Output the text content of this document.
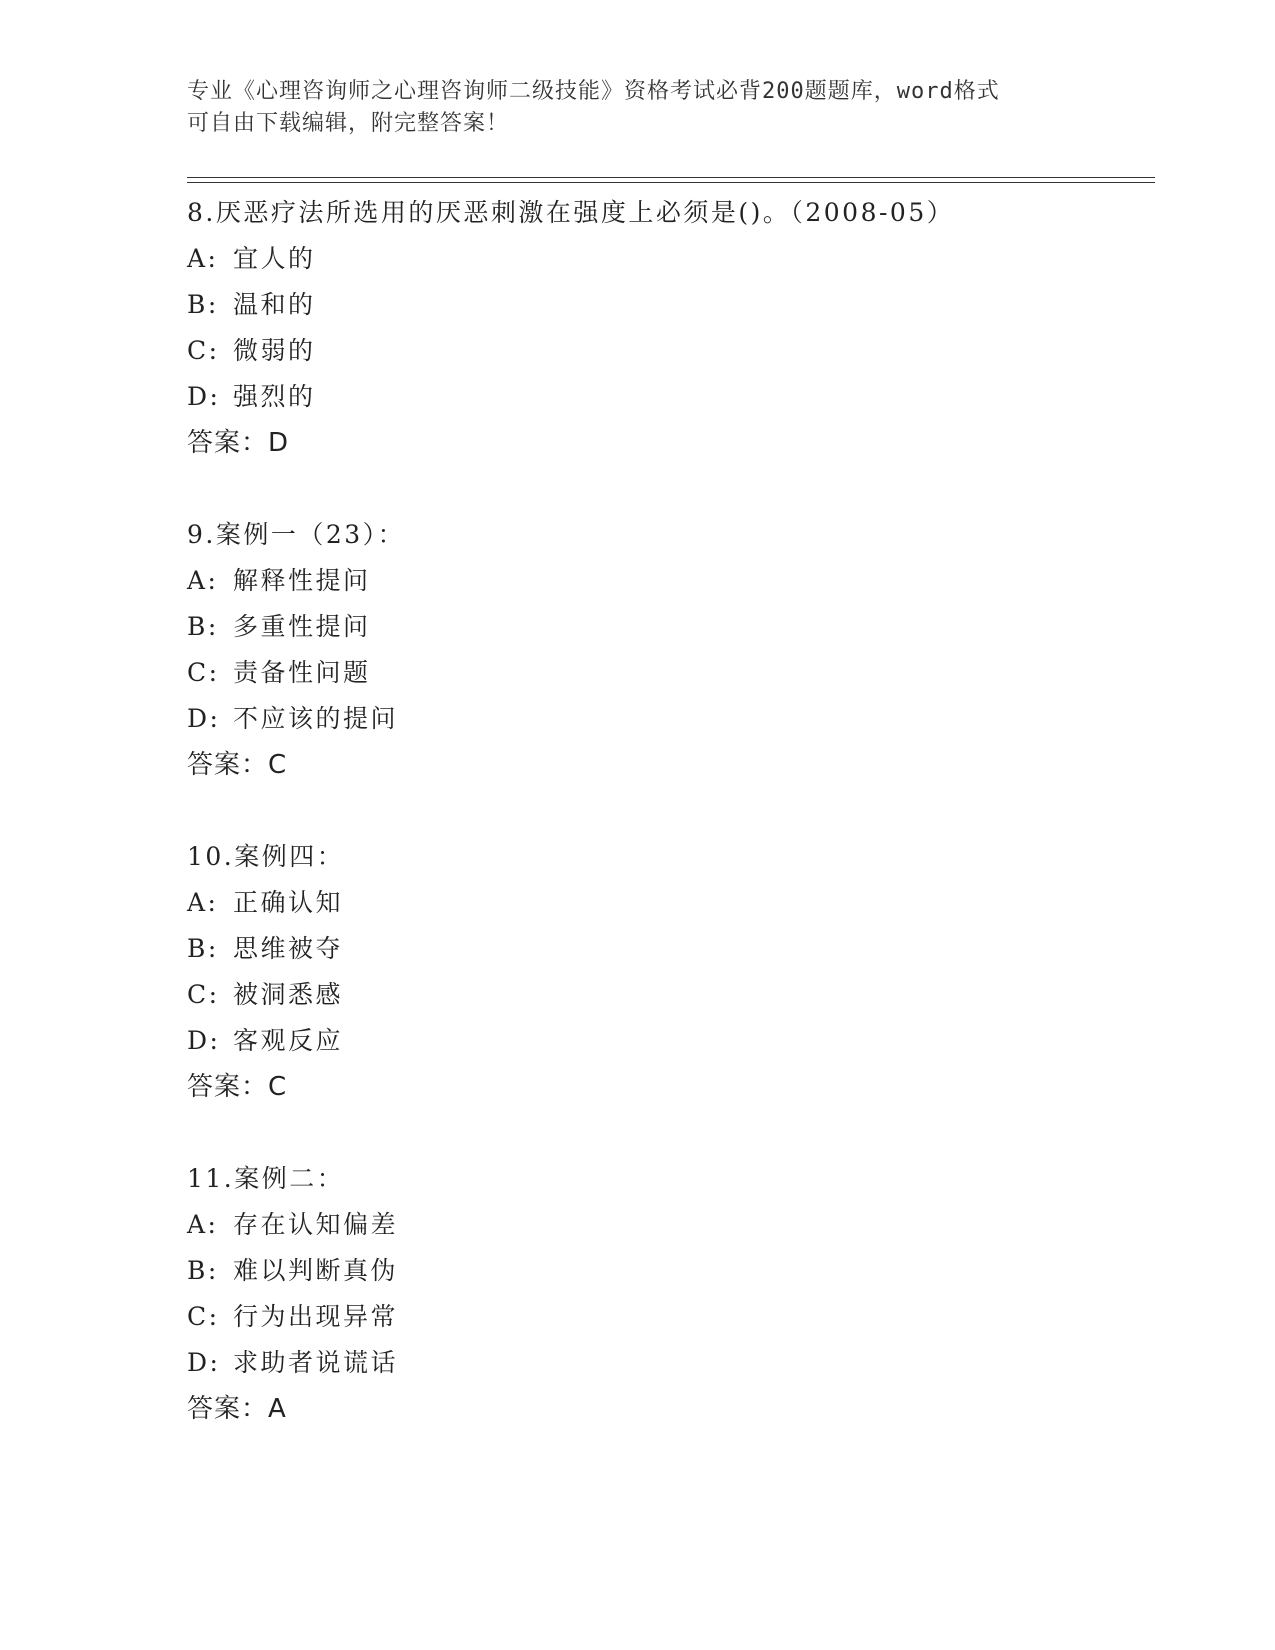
专业《心理咨询师之心理咨询师二级技能》资格考试必背200题题库，word格式
可自由下载编辑，附完整答案！
8.厌恶疗法所选用的厌恶刺激在强度上必须是()。（2008-05）
A: 宜人的
B: 温和的
C: 微弱的
D: 强烈的
答案：D
9.案例一（23）：
A: 解释性提问
B: 多重性提问
C: 责备性问题
D: 不应该的提问
答案：C
10.案例四：
A: 正确认知
B: 思维被夺
C: 被洞悉感
D: 客观反应
答案：C
11.案例二：
A: 存在认知偏差
B: 难以判断真伪
C: 行为出现异常
D: 求助者说谎话
答案：A
